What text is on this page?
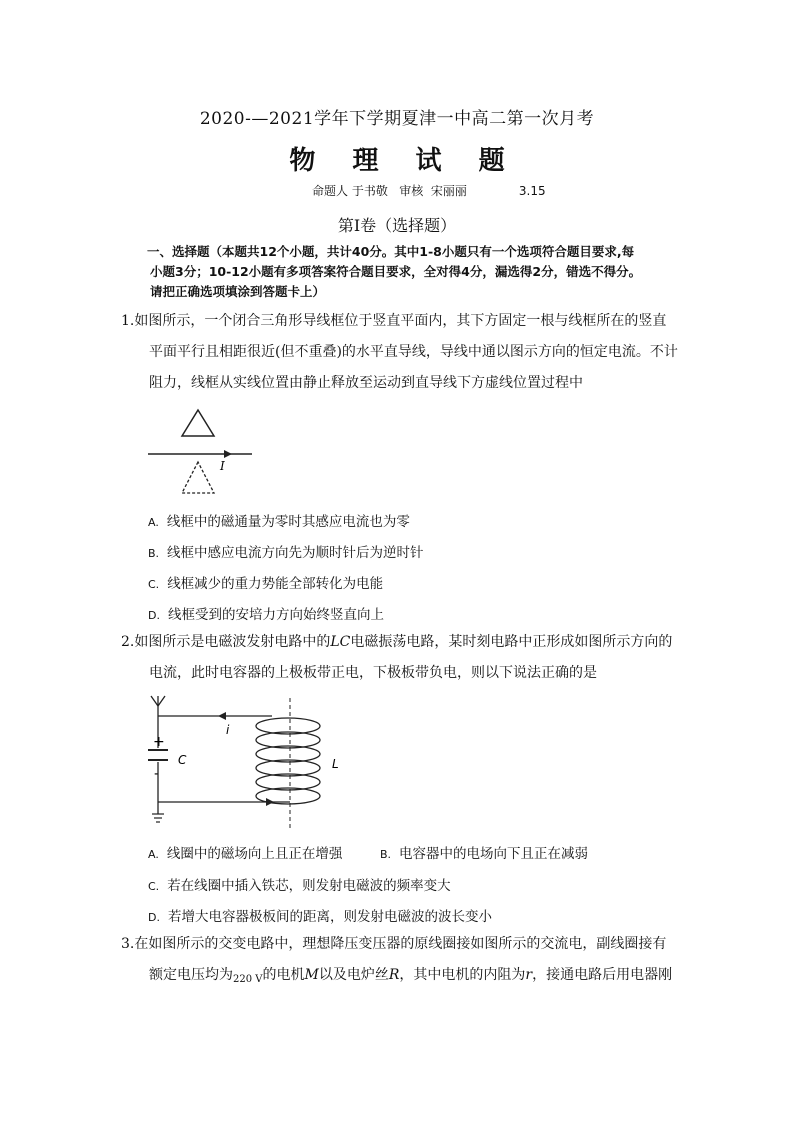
2020-—2021学年下学期夏津一中高二第一次月考
物 理 试 题
命题人 于书敬   审核  宋丽丽	3.15
第Ⅰ卷（选择题）
一、选择题（本题共12个小题，共计40分。其中1-8小题只有一个选项符合题目要求,每
小题3分；10-12小题有多项答案符合题目要求，全对得4分，漏选得2分，错选不得分。
请把正确选项填涂到答题卡上）
1.如图所示，一个闭合三角形导线框位于竖直平面内，其下方固定一根与线框所在的竖直
平面平行且相距很近(但不重叠)的水平直导线，导线中通以图示方向的恒定电流。不计
阻力，线框从实线位置由静止释放至运动到直导线下方虚线位置过程中
I
A. 线框中的磁通量为零时其感应电流也为零
B. 线框中感应电流方向先为顺时针后为逆时针
C. 线框减少的重力势能全部转化为电能
D. 线框受到的安培力方向始终竖直向上
2.如图所示是电磁波发射电路中的LC电磁振荡电路，某时刻电路中正形成如图所示方向的
电流，此时电容器的上极板带正电，下极板带负电，则以下说法正确的是
+
-
C
i
L
A. 线圈中的磁场向上且正在增强	B. 电容器中的电场向下且正在减弱
C. 若在线圈中插入铁芯，则发射电磁波的频率变大
D. 若增大电容器极板间的距离，则发射电磁波的波长变小
3.在如图所示的交变电路中，理想降压变压器的原线圈接如图所示的交流电，副线圈接有
额定电压均为$_{220 V}$的电机M以及电炉丝R，其中电机的内阻为r，接通电路后用电器刚
